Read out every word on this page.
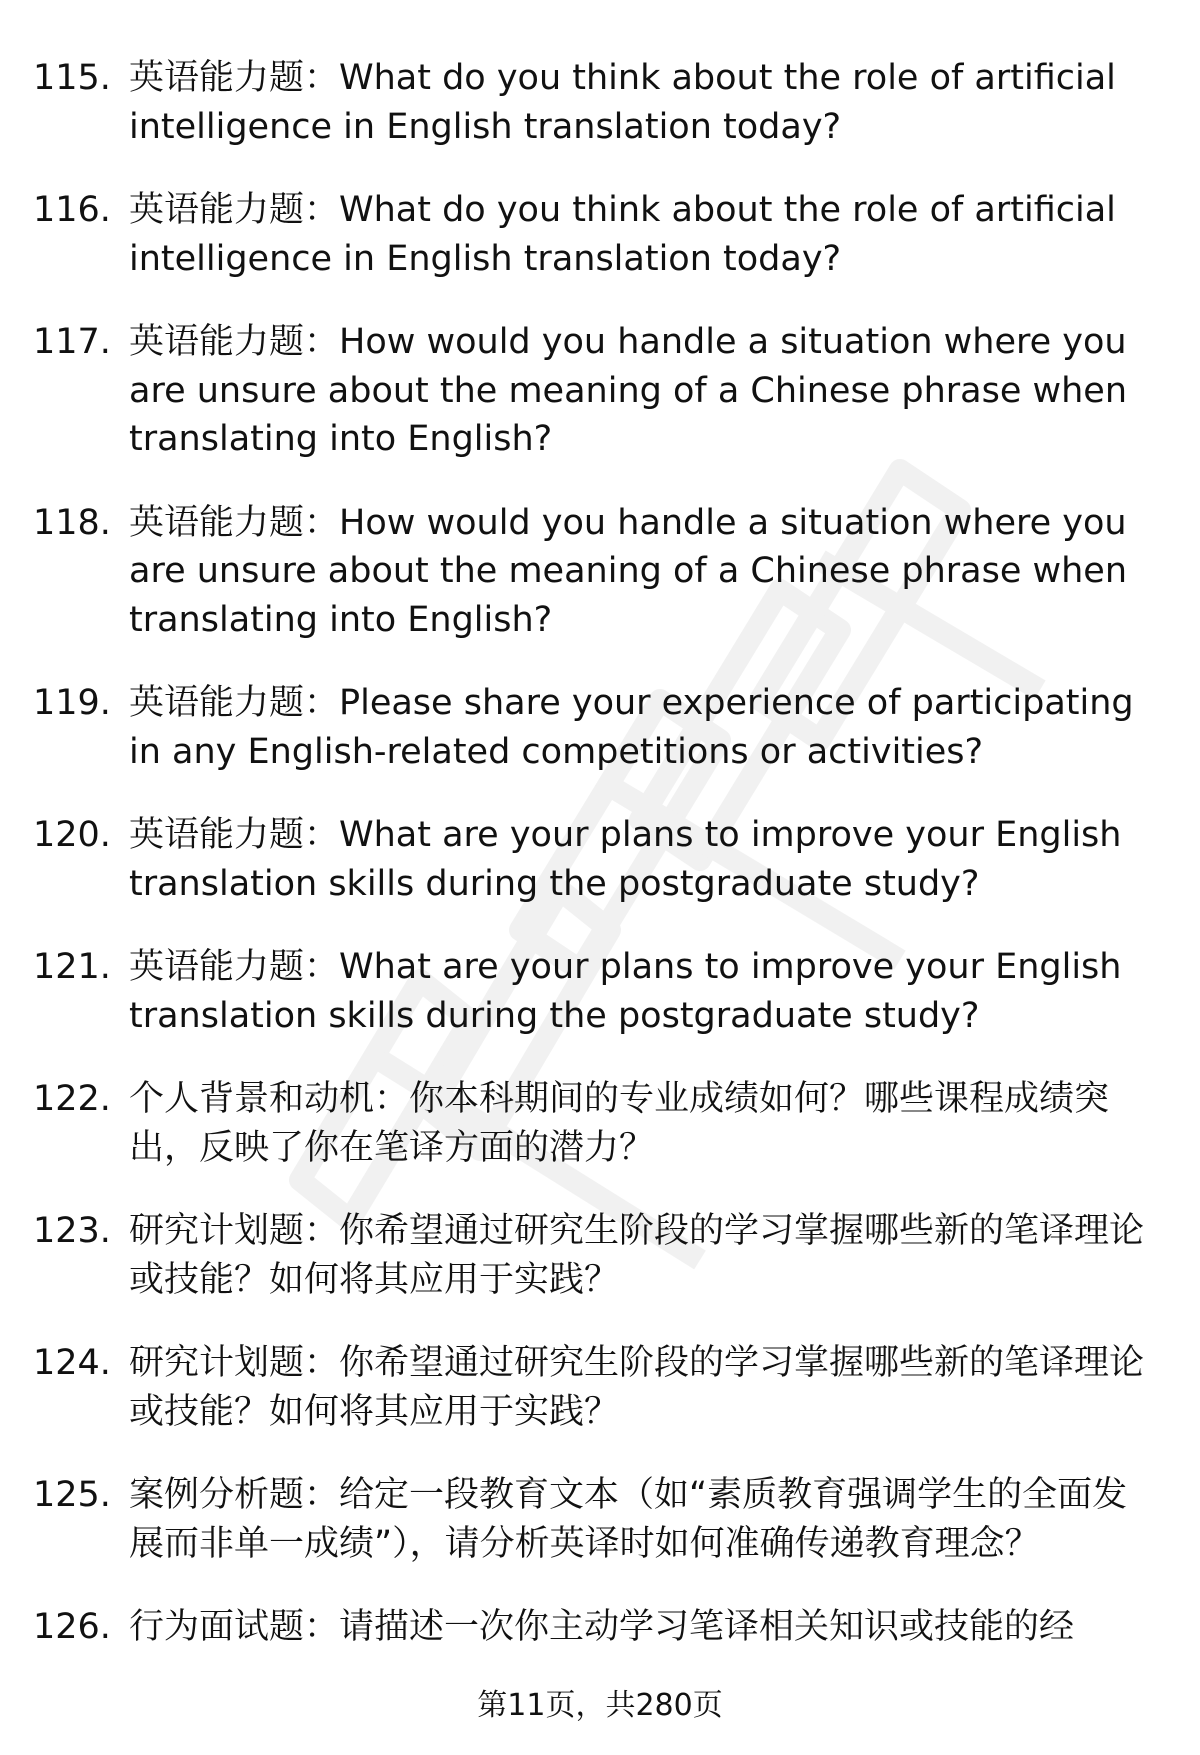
115. 英语能力题：What do you think about the role of artificial intelligence in English translation today?
116. 英语能力题：What do you think about the role of artificial intelligence in English translation today?
117. 英语能力题：How would you handle a situation where you are unsure about the meaning of a Chinese phrase when translating into English?
118. 英语能力题：How would you handle a situation where you are unsure about the meaning of a Chinese phrase when translating into English?
119. 英语能力题：Please share your experience of participating in any English-related competitions or activities?
120. 英语能力题：What are your plans to improve your English translation skills during the postgraduate study?
121. 英语能力题：What are your plans to improve your English translation skills during the postgraduate study?
122. 个人背景和动机：你本科期间的专业成绩如何？哪些课程成绩突出，反映了你在笔译方面的潜力？
123. 研究计划题：你希望通过研究生阶段的学习掌握哪些新的笔译理论或技能？如何将其应用于实践？
124. 研究计划题：你希望通过研究生阶段的学习掌握哪些新的笔译理论或技能？如何将其应用于实践？
125. 案例分析题：给定一段教育文本（如“素质教育强调学生的全面发展而非单一成绩”），请分析英译时如何准确传递教育理念？
126. 行为面试题：请描述一次你主动学习笔译相关知识或技能的经
第11页，共280页
